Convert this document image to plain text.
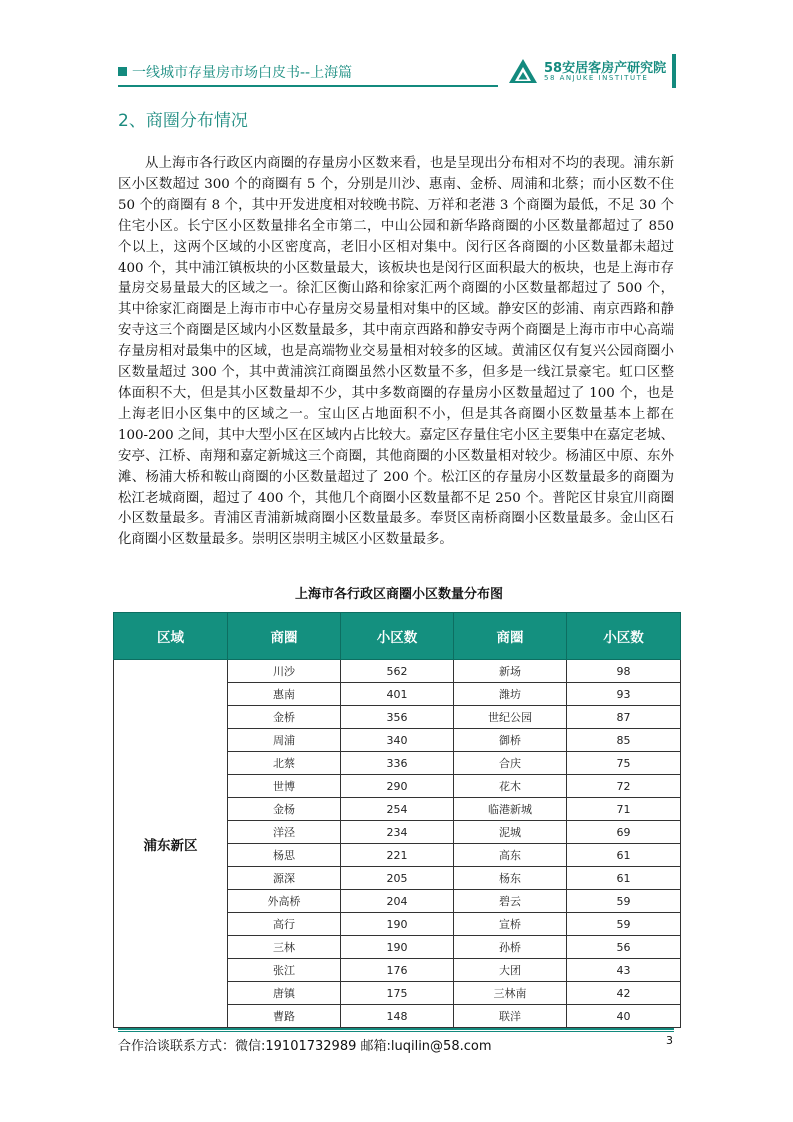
一线城市存量房市场白皮书--上海篇	58安居客房产研究院
58 ANJUKE INSTITUTE
2、商圈分布情况
从上海市各行政区内商圈的存量房小区数来看，也是呈现出分布相对不均的表现。浦东新区小区数超过 300 个的商圈有 5 个，分别是川沙、惠南、金桥、周浦和北蔡；而小区数不住 50 个的商圈有 8 个，其中开发进度相对较晚书院、万祥和老港 3 个商圈为最低，不足 30 个住宅小区。长宁区小区数量排名全市第二，中山公园和新华路商圈的小区数量都超过了 850 个以上，这两个区域的小区密度高，老旧小区相对集中。闵行区各商圈的小区数量都未超过 400 个，其中浦江镇板块的小区数量最大，该板块也是闵行区面积最大的板块，也是上海市存量房交易量最大的区域之一。徐汇区衡山路和徐家汇两个商圈的小区数量都超过了 500 个，其中徐家汇商圈是上海市市中心存量房交易量相对集中的区域。静安区的彭浦、南京西路和静安寺这三个商圈是区域内小区数量最多，其中南京西路和静安寺两个商圈是上海市市中心高端存量房相对最集中的区域，也是高端物业交易量相对较多的区域。黄浦区仅有复兴公园商圈小区数量超过 300 个，其中黄浦滨江商圈虽然小区数量不多，但多是一线江景豪宅。虹口区整体面积不大，但是其小区数量却不少，其中多数商圈的存量房小区数量超过了 100 个，也是上海老旧小区集中的区域之一。宝山区占地面积不小，但是其各商圈小区数量基本上都在 100-200 之间，其中大型小区在区域内占比较大。嘉定区存量住宅小区主要集中在嘉定老城、安亭、江桥、南翔和嘉定新城这三个商圈，其他商圈的小区数量相对较少。杨浦区中原、东外滩、杨浦大桥和鞍山商圈的小区数量超过了 200 个。松江区的存量房小区数量最多的商圈为松江老城商圈，超过了 400 个，其他几个商圈小区数量都不足 250 个。普陀区甘泉宜川商圈小区数量最多。青浦区青浦新城商圈小区数量最多。奉贤区南桥商圈小区数量最多。金山区石化商圈小区数量最多。崇明区崇明主城区小区数量最多。
上海市各行政区商圈小区数量分布图
区域	商圈	小区数	商圈	小区数
浦东新区	川沙	562	新场	98
	惠南	401	潍坊	93
	金桥	356	世纪公园	87
	周浦	340	御桥	85
	北蔡	336	合庆	75
	世博	290	花木	72
	金杨	254	临港新城	71
	洋泾	234	泥城	69
	杨思	221	高东	61
	源深	205	杨东	61
	外高桥	204	碧云	59
	高行	190	宣桥	59
	三林	190	孙桥	56
	张江	176	大团	43
	唐镇	175	三林南	42
	曹路	148	联洋	40
合作洽谈联系方式：微信:19101732989 邮箱:luqilin@58.com	3
